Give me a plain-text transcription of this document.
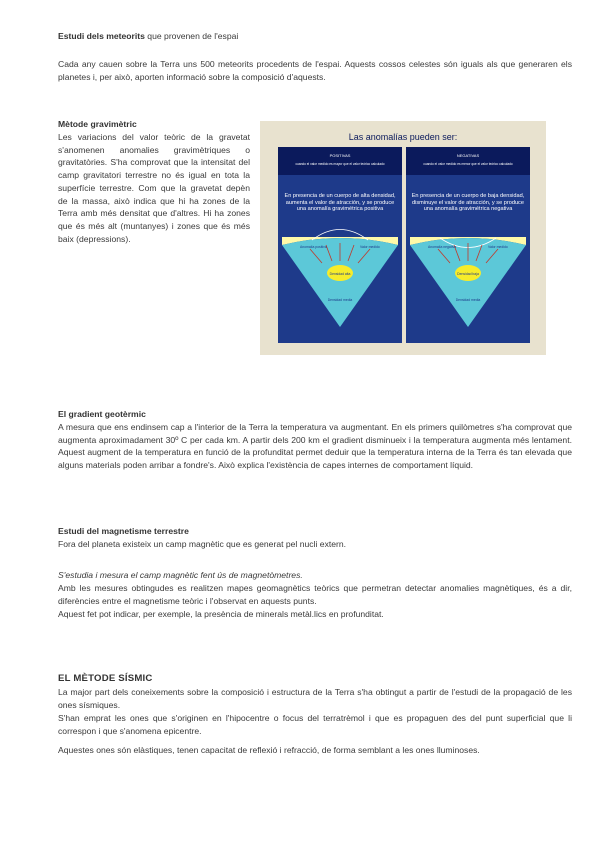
Estudi dels meteorits que provenen de l'espai

Cada any cauen sobre la Terra uns 500 meteorits procedents de l'espai. Aquests cossos celestes són iguals als que generaren els planetes i, per això, aporten informació sobre la composició d'aquests.

Mètode gravimètric

Les variacions del valor teòric de la gravetat s'anomenen anomalies gravimètriques o gravitatòries. S'ha comprovat que la intensitat del camp gravitatori terrestre no és igual en tota la superfície terrestre. Com que la gravetat depèn de la massa, això indica que hi ha zones de la Terra amb més densitat que d'altres. Hi ha zones que és més alt (muntanyes) i zones que és més baix (depressions).

Las anomalías pueden ser:
POSITIVAS
cuando el valor medido es mayor que el valor teórico calculado
En presencia de un cuerpo de alta densidad, aumenta el valor de atracción, y se produce una anomalía gravimétrica positiva
Anomalía positiva	Valor medido
Densidad alta
Densidad media
NEGATIVAS
cuando el valor medido es menor que el valor teórico calculado
En presencia de un cuerpo de baja densidad, disminuye el valor de atracción, y se produce una anomalía gravimétrica negativa
Anomalía negativa	Valor medido
Densidad baja
Densidad media

El gradient geotèrmic

A mesura que ens endinsem cap a l'interior de la Terra la temperatura va augmentant. En els primers quilòmetres s'ha comprovat que augmenta aproximadament 30º C per cada km. A partir dels 200 km el gradient disminueix i la temperatura augmenta més lentament. Aquest augment de la temperatura en funció de la profunditat permet deduir que la temperatura interna de la Terra és tan elevada que alguns materials poden arribar a fondre's. Això explica l'existència de capes internes de comportament líquid.

Estudi del magnetisme terrestre

Fora del planeta existeix un camp magnètic que es generat pel nucli extern.

S'estudia i mesura el camp magnètic fent ús de magnetòmetres.

Amb les mesures obtingudes es realitzen mapes geomagnètics teòrics que permetran detectar anomalies magnètiques, és a dir, diferències entre el magnetisme teòric i l'observat en aquests punts.

Aquest fet pot indicar, per exemple, la presència de minerals metàl.lics en profunditat.

EL MÈTODE SÍSMIC

La major part dels coneixements sobre la composició i estructura de la Terra s'ha obtingut a partir de l'estudi de la propagació de les ones sísmiques.

S'han emprat les ones que s'originen en l'hipocentre o focus del terratrèmol i que es propaguen des del punt superficial que li correspon i que s'anomena epicentre.

Aquestes ones són elàstiques, tenen capacitat de reflexió i refracció, de forma semblant a les ones lluminoses.
